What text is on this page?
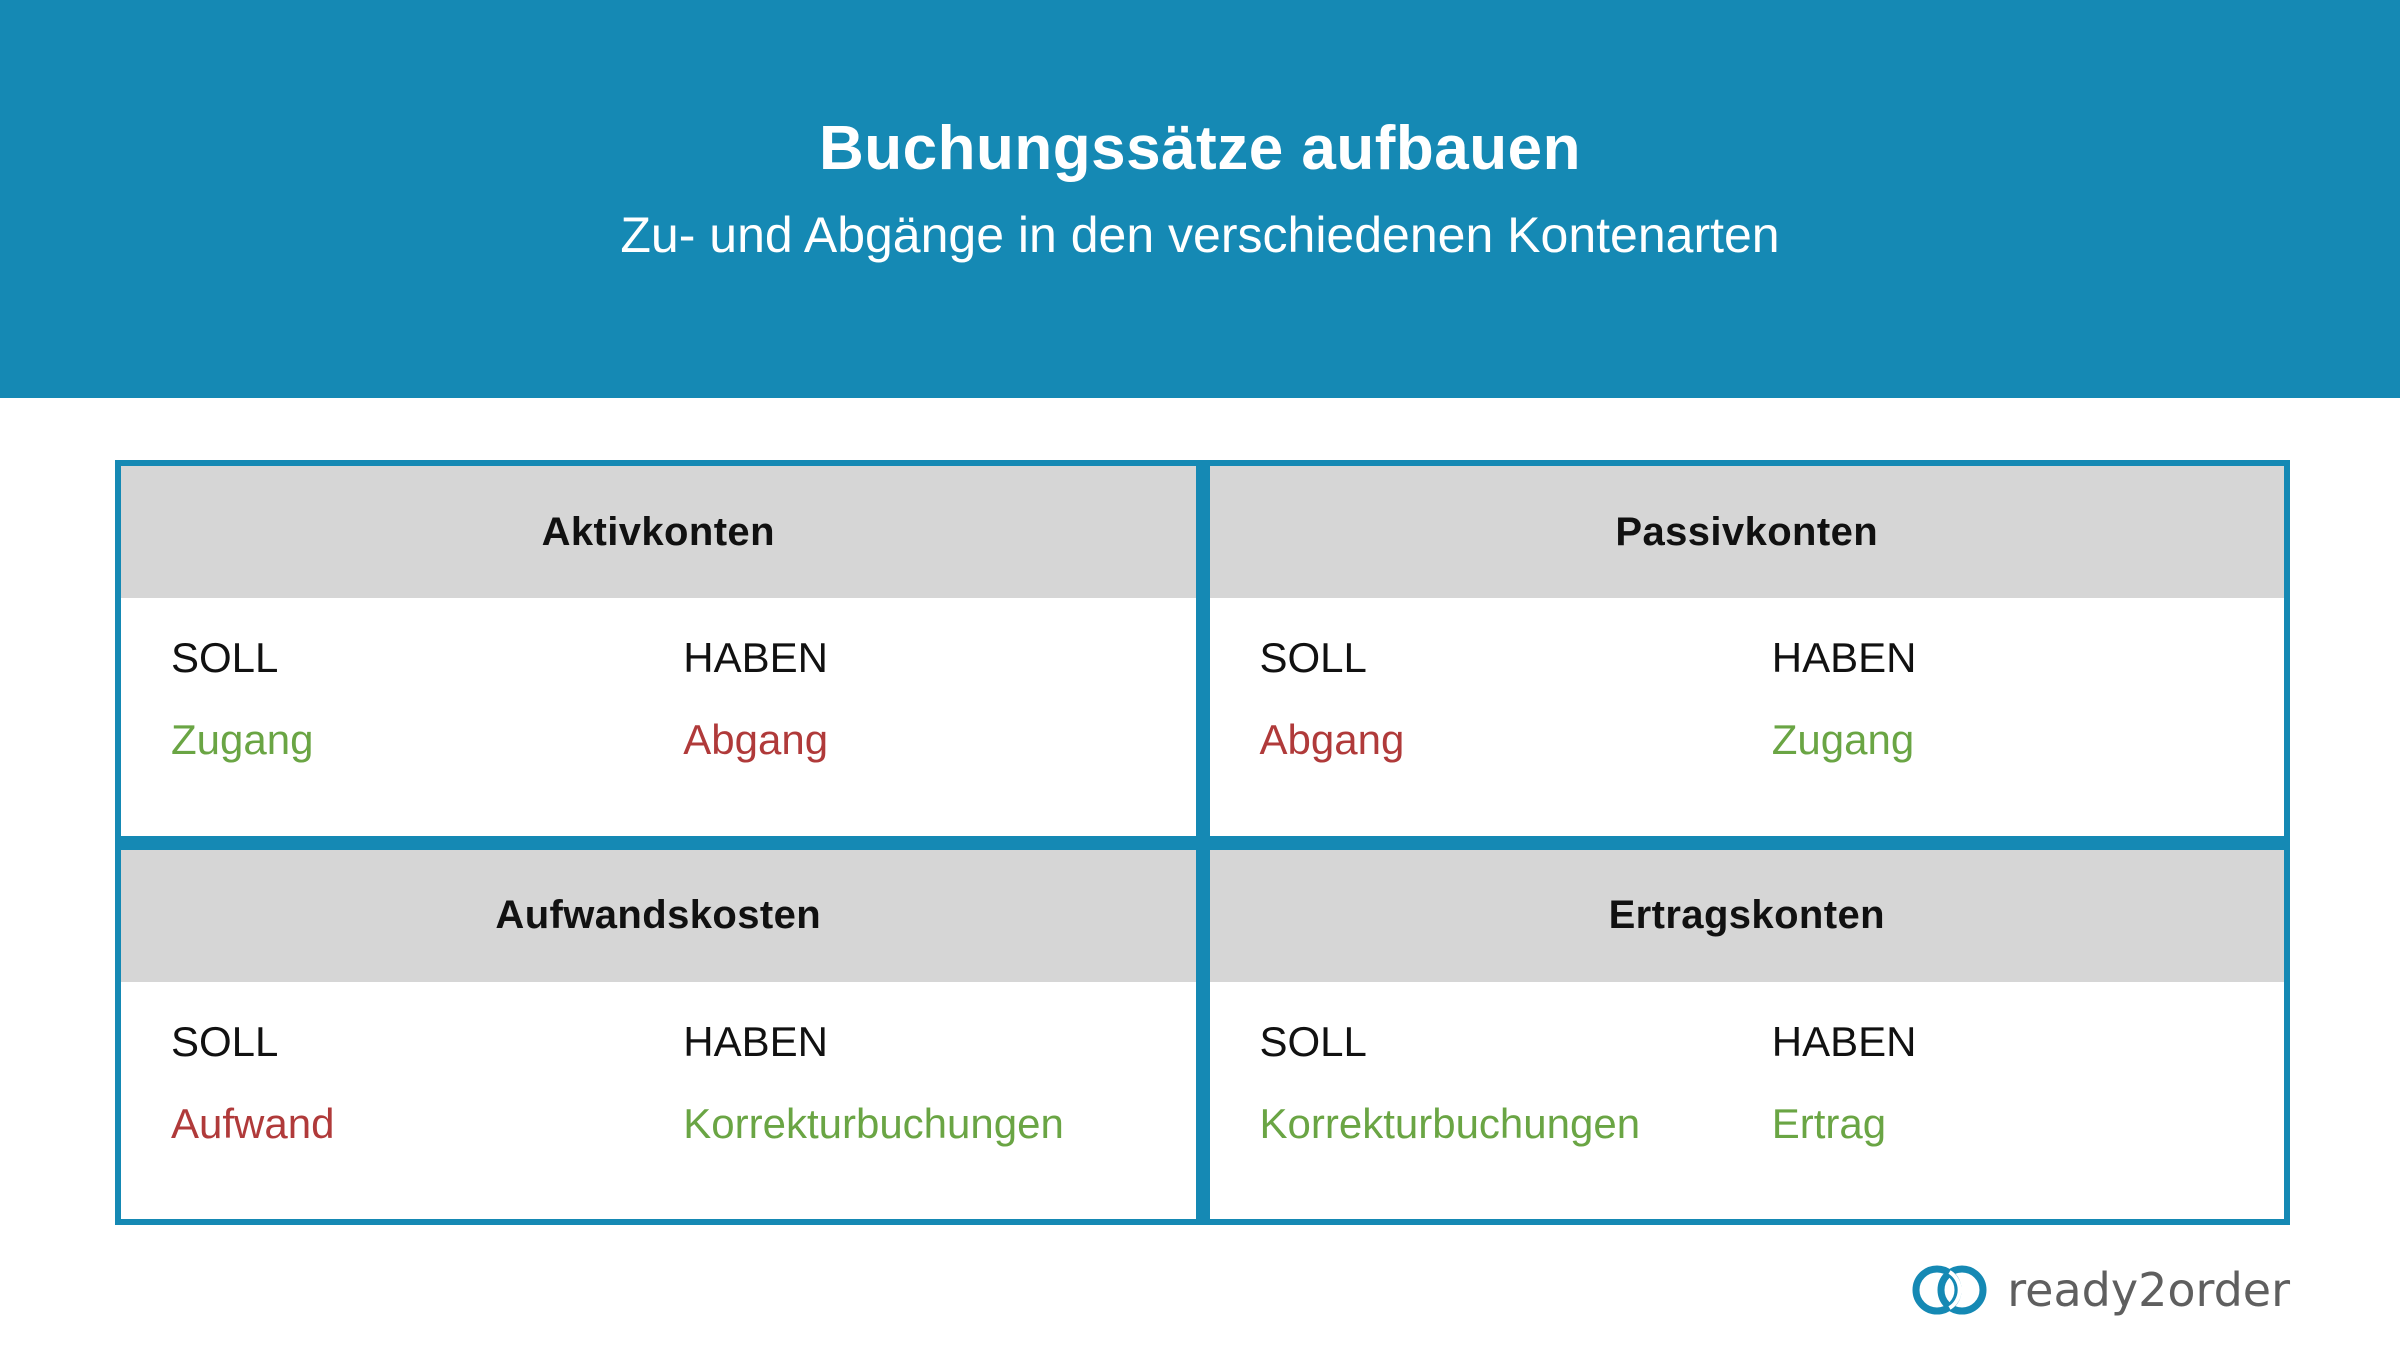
Buchungssätze aufbauen
Zu- und Abgänge in den verschiedenen Kontenarten
Aktivkonten
SOLL	HABEN
Zugang	Abgang
Passivkonten
SOLL	HABEN
Abgang	Zugang
Aufwandskosten
SOLL	HABEN
Aufwand	Korrekturbuchungen
Ertragskonten
SOLL	HABEN
Korrekturbuchungen	Ertrag
ready2order
